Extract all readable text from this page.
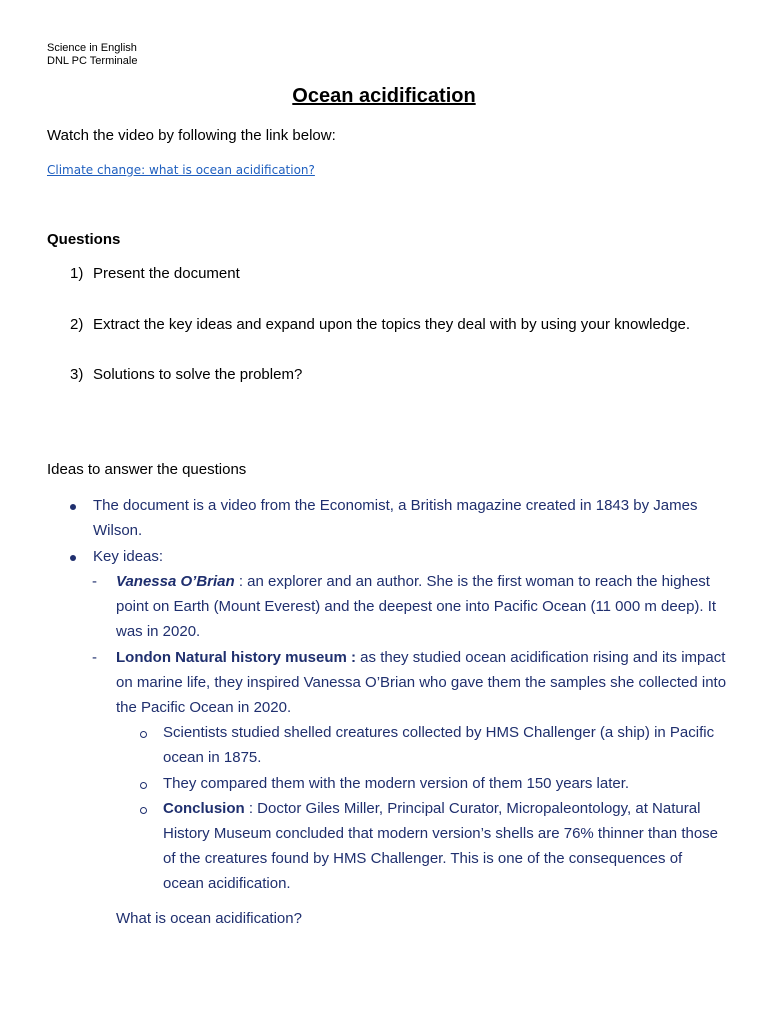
Science in English
DNL PC Terminale
Ocean acidification
Watch the video by following the link below:
Climate change: what is ocean acidification?
Questions
1) Present the document
2) Extract the key ideas and expand upon the topics they deal with by using your knowledge.
3) Solutions to solve the problem?
Ideas to answer the questions
The document is a video from the Economist, a British magazine created in 1843 by James Wilson.
Key ideas:
- Vanessa O’Brian : an explorer and an author. She is the first woman to reach the highest point on Earth (Mount Everest) and the deepest one into Pacific Ocean (11 000 m deep). It was in 2020.
- London Natural history museum : as they studied ocean acidification rising and its impact on marine life, they inspired Vanessa O’Brian who gave them the samples she collected into the Pacific Ocean in 2020.
Scientists studied shelled creatures collected by HMS Challenger (a ship) in Pacific ocean in 1875.
They compared them with the modern version of them 150 years later.
Conclusion : Doctor Giles Miller, Principal Curator, Micropaleontology, at Natural History Museum concluded that modern version’s shells are 76% thinner than those of the creatures found by HMS Challenger. This is one of the consequences of ocean acidification.
What is ocean acidification?
